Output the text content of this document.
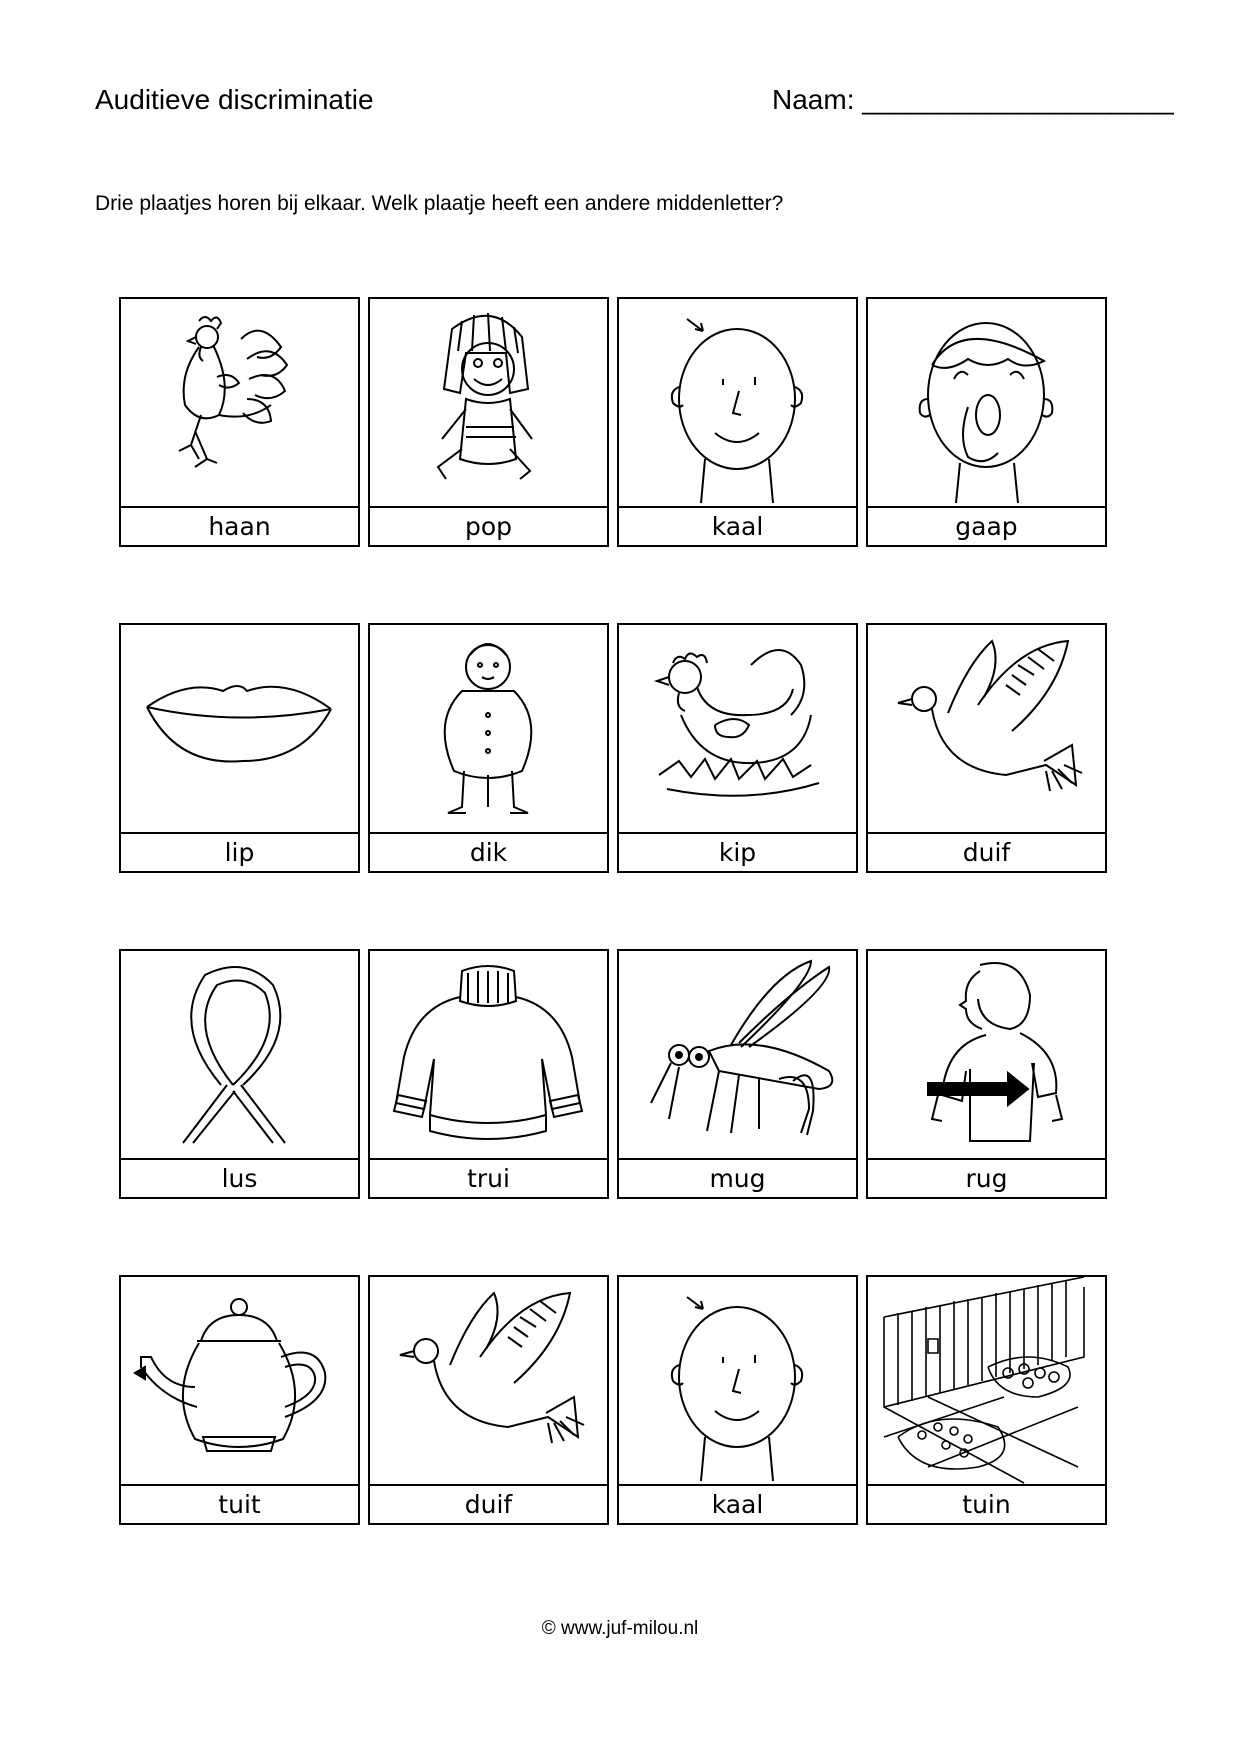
Auditieve discriminatie	Naam: ____________________
Drie plaatjes horen bij elkaar. Welk plaatje heeft een andere middenletter?
haan	pop	kaal	gaap
lip	dik	kip	duif
lus	trui	mug	rug
tuit	duif	kaal	tuin
© www.juf-milou.nl
